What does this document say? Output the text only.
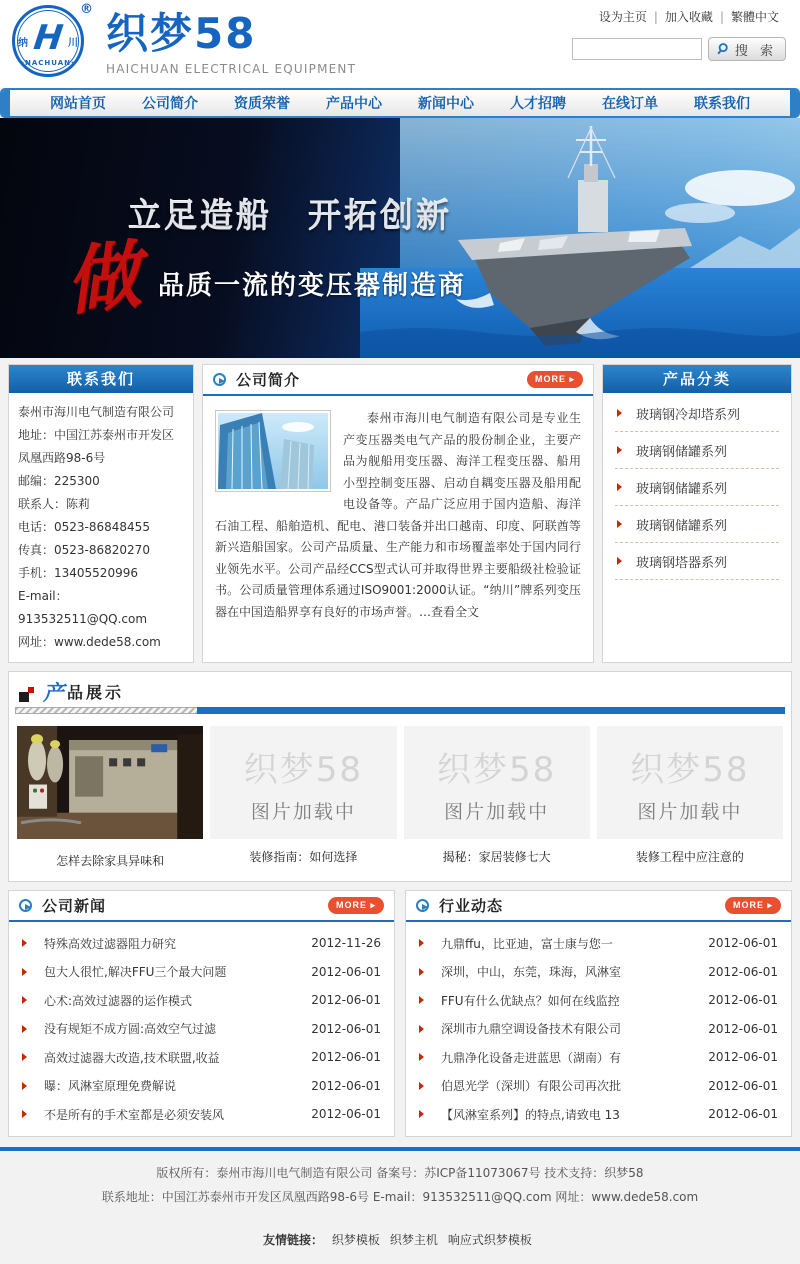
®
纳 H 川
·NACHUAN·
织梦58
HAICHUAN ELECTRICAL EQUIPMENT
设为主页 | 加入收藏 | 繁體中文
搜 索
网站首页	公司简介	资质荣誉	产品中心	新闻中心	人才招聘	在线订单	联系我们
立足造船　开拓创新
做 品质一流的变压器制造商
联系我们
泰州市海川电气制造有限公司
地址：中国江苏泰州市开发区凤凰西路98-6号
邮编：225300
联系人：陈莉
电话：0523-86848455
传真：0523-86820270
手机：13405520996
E-mail：913532511@QQ.com
网址：www.dede58.com
公司简介	MORE ▸

泰州市海川电气制造有限公司是专业生产变压器类电气产品的股份制企业，主要产品为舰船用变压器、海洋工程变压器、船用小型控制变压器、启动自耦变压器及船用配电设备等。产品广泛应用于国内造船、海洋石油工程、船舶造机、配电、港口装备并出口越南、印度、阿联酋等新兴造船国家。公司产品质量、生产能力和市场覆盖率处于国内同行业领先水平。公司产品经CCS型式认可并取得世界主要船级社检验证书。公司质量管理体系通过ISO9001:2000认证。“纳川”牌系列变压器在中国造船界享有良好的市场声誉。…查看全文

产品分类
玻璃钢冷却塔系列
玻璃钢储罐系列
玻璃钢储罐系列
玻璃钢储罐系列
玻璃钢塔器系列
产 品展示
怎样去除家具异味和
织梦58
图片加载中
装修指南：如何选择
织梦58
图片加载中
揭秘：家居装修七大
织梦58
图片加载中
装修工程中应注意的
公司新闻	MORE ▸
特殊高效过滤器阻力研究	2012-11-26
包大人很忙,解决FFU三个最大问题	2012-06-01
心术:高效过滤器的运作模式	2012-06-01
没有规矩不成方圆:高效空气过滤	2012-06-01
高效过滤器大改造,技术联盟,收益	2012-06-01
曝：风淋室原理免费解说	2012-06-01
不是所有的手术室都是必须安装风	2012-06-01
行业动态	MORE ▸
九鼎ffu，比亚迪，富士康与您一	2012-06-01
深圳，中山，东莞，珠海，风淋室	2012-06-01
FFU有什么优缺点？如何在线监控	2012-06-01
深圳市九鼎空调设备技术有限公司	2012-06-01
九鼎净化设备走进蓝思（湖南）有	2012-06-01
伯恩光学（深圳）有限公司再次批	2012-06-01
【风淋室系列】的特点,请致电 13	2012-06-01
版权所有：泰州市海川电气制造有限公司 备案号：苏ICP备11073067号 技术支持：织梦58
联系地址：中国江苏泰州市开发区凤凰西路98-6号 E-mail：913532511@QQ.com 网址：www.dede58.com
友情链接： 织梦模板 织梦主机 响应式织梦模板
